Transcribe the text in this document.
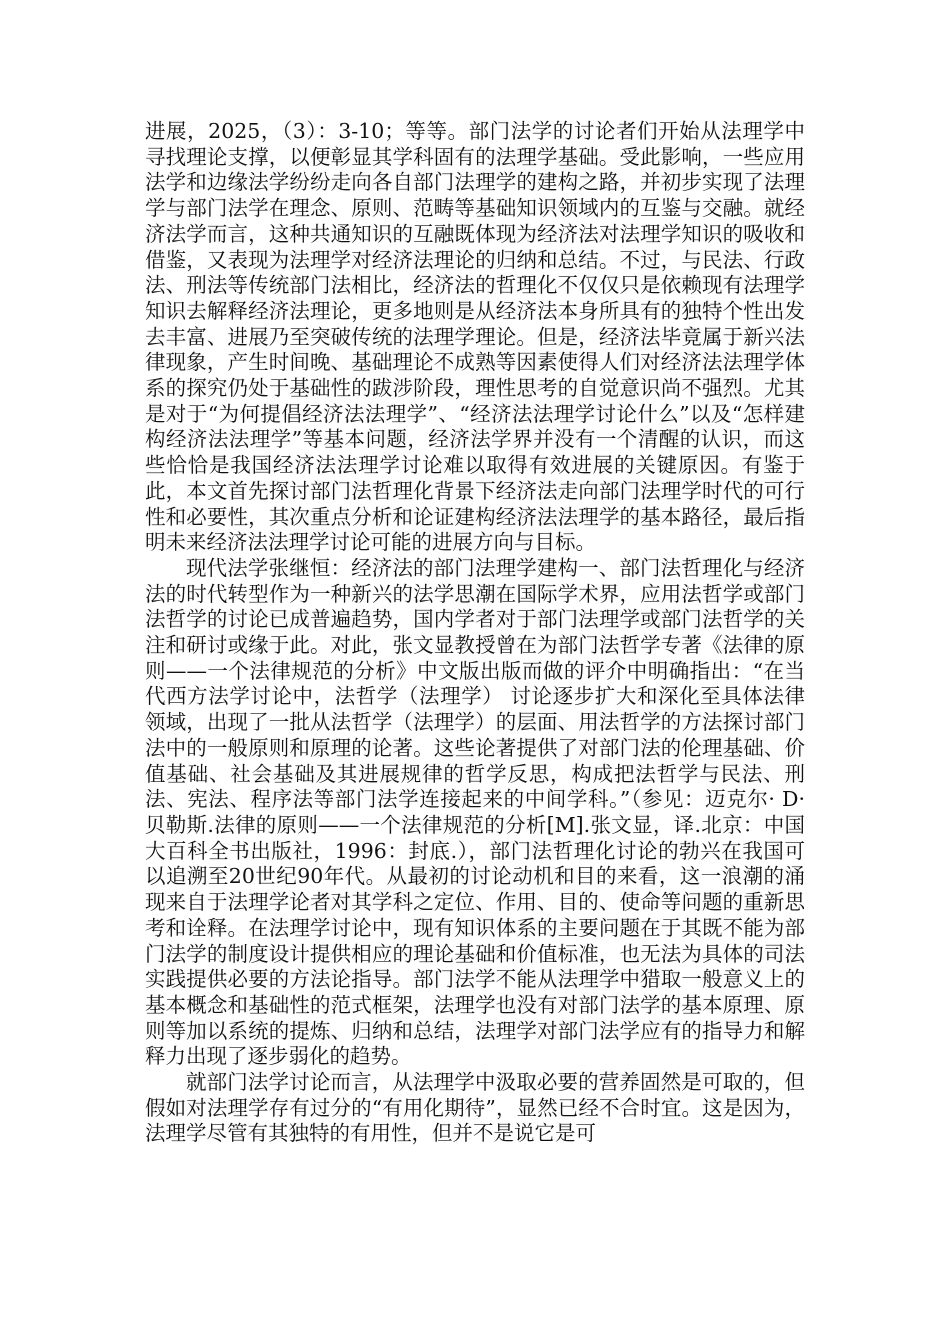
进展，2025，（3）：3-10；等等。部门法学的讨论者们开始从法理学中寻找理论支撑，以便彰显其学科固有的法理学基础。受此影响，一些应用法学和边缘法学纷纷走向各自部门法理学的建构之路，并初步实现了法理学与部门法学在理念、原则、范畴等基础知识领域内的互鉴与交融。就经济法学而言，这种共通知识的互融既体现为经济法对法理学知识的吸收和借鉴，又表现为法理学对经济法理论的归纳和总结。不过，与民法、行政法、刑法等传统部门法相比，经济法的哲理化不仅仅只是依赖现有法理学知识去解释经济法理论，更多地则是从经济法本身所具有的独特个性出发去丰富、进展乃至突破传统的法理学理论。但是，经济法毕竟属于新兴法律现象，产生时间晚、基础理论不成熟等因素使得人们对经济法法理学体系的探究仍处于基础性的跋涉阶段，理性思考的自觉意识尚不强烈。尤其是对于“为何提倡经济法法理学”、“经济法法理学讨论什么”以及“怎样建构经济法法理学”等基本问题，经济法学界并没有一个清醒的认识，而这些恰恰是我国经济法法理学讨论难以取得有效进展的关键原因。有鉴于此，本文首先探讨部门法哲理化背景下经济法走向部门法理学时代的可行性和必要性，其次重点分析和论证建构经济法法理学的基本路径，最后指明未来经济法法理学讨论可能的进展方向与目标。

现代法学张继恒：经济法的部门法理学建构一、部门法哲理化与经济法的时代转型作为一种新兴的法学思潮在国际学术界，应用法哲学或部门法哲学的讨论已成普遍趋势，国内学者对于部门法理学或部门法哲学的关注和研讨或缘于此。对此，张文显教授曾在为部门法哲学专著《法律的原则——一个法律规范的分析》中文版出版而做的评介中明确指出：“在当代西方法学讨论中，法哲学（法理学） 讨论逐步扩大和深化至具体法律领域，出现了一批从法哲学（法理学）的层面、用法哲学的方法探讨部门法中的一般原则和原理的论著。这些论著提供了对部门法的伦理基础、价值基础、社会基础及其进展规律的哲学反思，构成把法哲学与民法、刑法、宪法、程序法等部门法学连接起来的中间学科。”（参见：迈克尔· D·贝勒斯.法律的原则——一个法律规范的分析[M].张文显，译.北京：中国大百科全书出版社，1996：封底.），部门法哲理化讨论的勃兴在我国可以追溯至20世纪90年代。从最初的讨论动机和目的来看，这一浪潮的涌现来自于法理学论者对其学科之定位、作用、目的、使命等问题的重新思考和诠释。在法理学讨论中，现有知识体系的主要问题在于其既不能为部门法学的制度设计提供相应的理论基础和价值标准，也无法为具体的司法实践提供必要的方法论指导。部门法学不能从法理学中猎取一般意义上的基本概念和基础性的范式框架，法理学也没有对部门法学的基本原理、原则等加以系统的提炼、归纳和总结，法理学对部门法学应有的指导力和解释力出现了逐步弱化的趋势。

就部门法学讨论而言，从法理学中汲取必要的营养固然是可取的，但假如对法理学存有过分的“有用化期待”，显然已经不合时宜。这是因为，法理学尽管有其独特的有用性，但并不是说它是可
